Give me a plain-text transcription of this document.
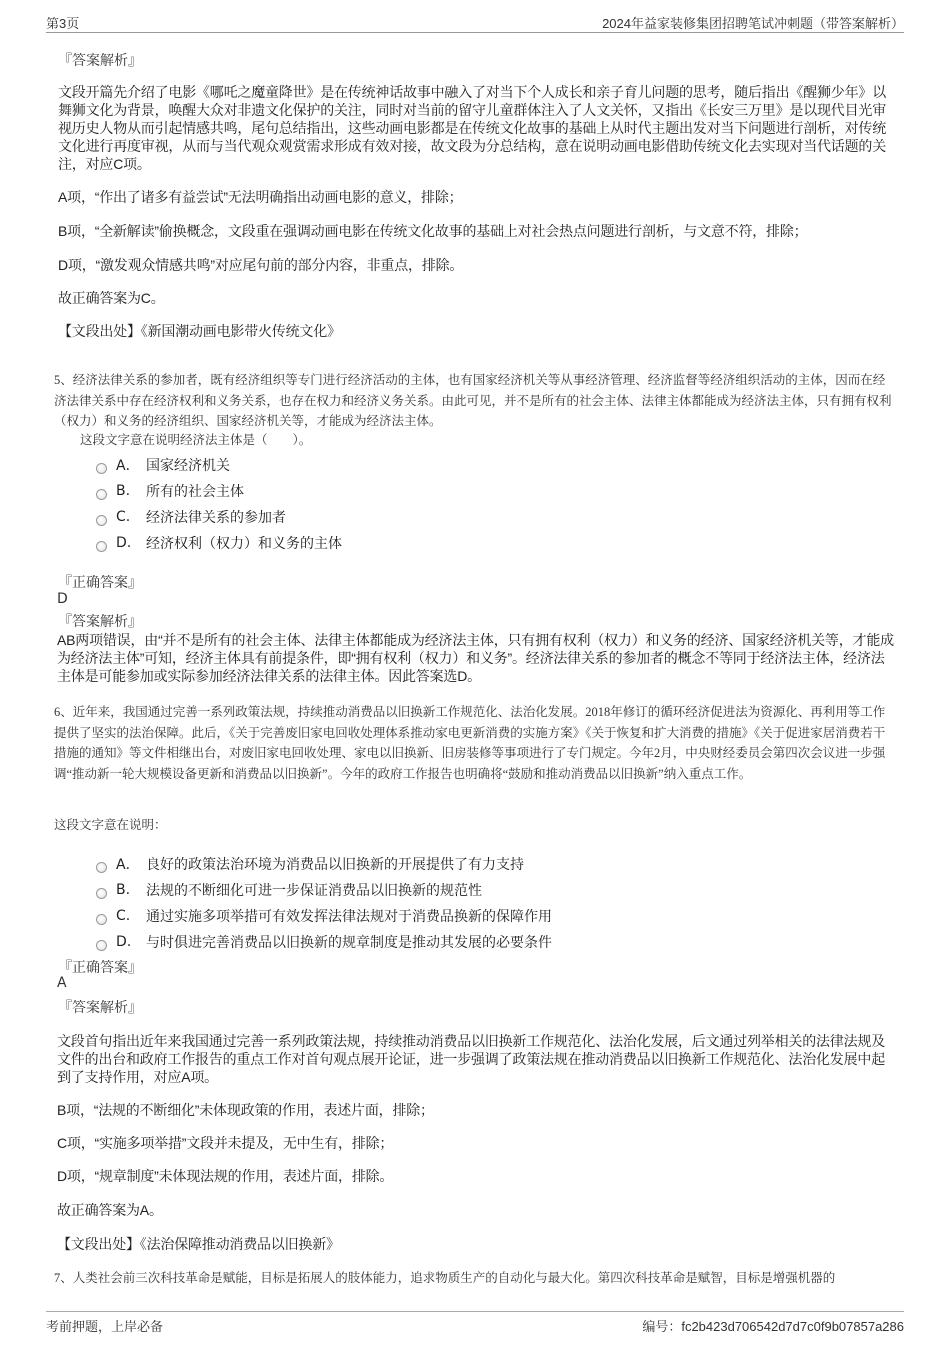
第3页	2024年益家装修集团招聘笔试冲刺题（带答案解析）
『答案解析』
文段开篇先介绍了电影《哪吒之魔童降世》是在传统神话故事中融入了对当下个人成长和亲子育儿问题的思考，随后指出《醒狮少年》以舞狮文化为背景，唤醒大众对非遗文化保护的关注，同时对当前的留守儿童群体注入了人文关怀，又指出《长安三万里》是以现代目光审视历史人物从而引起情感共鸣，尾句总结指出，这些动画电影都是在传统文化故事的基础上从时代主题出发对当下问题进行剖析，对传统文化进行再度审视，从而与当代观众观赏需求形成有效对接，故文段为分总结构，意在说明动画电影借助传统文化去实现对当代话题的关注，对应C项。
A项，“作出了诸多有益尝试”无法明确指出动画电影的意义，排除；
B项，“全新解读”偷换概念，文段重在强调动画电影在传统文化故事的基础上对社会热点问题进行剖析，与文意不符，排除；
D项，“激发观众情感共鸣”对应尾句前的部分内容，非重点，排除。
故正确答案为C。
【文段出处】《新国潮动画电影带火传统文化》
5、经济法律关系的参加者，既有经济组织等专门进行经济活动的主体，也有国家经济机关等从事经济管理、经济监督等经济组织活动的主体，因而在经济法律关系中存在经济权利和义务关系，也存在权力和经济义务关系。由此可见，并不是所有的社会主体、法律主体都能成为经济法主体，只有拥有权利（权力）和义务的经济组织、国家经济机关等，才能成为经济法主体。
这段文字意在说明经济法主体是（　　）。
A． 国家经济机关
B.	所有的社会主体
C.	经济法律关系的参加者
D.	经济权利（权力）和义务的主体
『正确答案』
D
『答案解析』
AB两项错误，由“并不是所有的社会主体、法律主体都能成为经济法主体，只有拥有权利（权力）和义务的经济、国家经济机关等，才能成为经济法主体”可知，经济主体具有前提条件，即“拥有权利（权力）和义务”。经济法律关系的参加者的概念不等同于经济法主体，经济法主体是可能参加或实际参加经济法律关系的法律主体。因此答案选D。
6、近年来，我国通过完善一系列政策法规，持续推动消费品以旧换新工作规范化、法治化发展。2018年修订的循环经济促进法为资源化、再利用等工作提供了坚实的法治保障。此后，《关于完善废旧家电回收处理体系推动家电更新消费的实施方案》《关于恢复和扩大消费的措施》《关于促进家居消费若干措施的通知》等文件相继出台，对废旧家电回收处理、家电以旧换新、旧房装修等事项进行了专门规定。今年2月，中央财经委员会第四次会议进一步强调“推动新一轮大规模设备更新和消费品以旧换新”。今年的政府工作报告也明确将“鼓励和推动消费品以旧换新”纳入重点工作。
这段文字意在说明：
A． 良好的政策法治环境为消费品以旧换新的开展提供了有力支持
B.	法规的不断细化可进一步保证消费品以旧换新的规范性
C.	通过实施多项举措可有效发挥法律法规对于消费品换新的保障作用
D.	与时俱进完善消费品以旧换新的规章制度是推动其发展的必要条件
『正确答案』
A
『答案解析』
文段首句指出近年来我国通过完善一系列政策法规，持续推动消费品以旧换新工作规范化、法治化发展，后文通过列举相关的法律法规及文件的出台和政府工作报告的重点工作对首句观点展开论证，进一步强调了政策法规在推动消费品以旧换新工作规范化、法治化发展中起到了支持作用，对应A项。
B项，“法规的不断细化”未体现政策的作用，表述片面，排除；
C项，“实施多项举措”文段并未提及，无中生有，排除；
D项，“规章制度”未体现法规的作用，表述片面，排除。
故正确答案为A。
【文段出处】《法治保障推动消费品以旧换新》
7、人类社会前三次科技革命是赋能，目标是拓展人的肢体能力，追求物质生产的自动化与最大化。第四次科技革命是赋智，目标是增强机器的
考前押题，上岸必备	编号：fc2b423d706542d7d7c0f9b07857a286
